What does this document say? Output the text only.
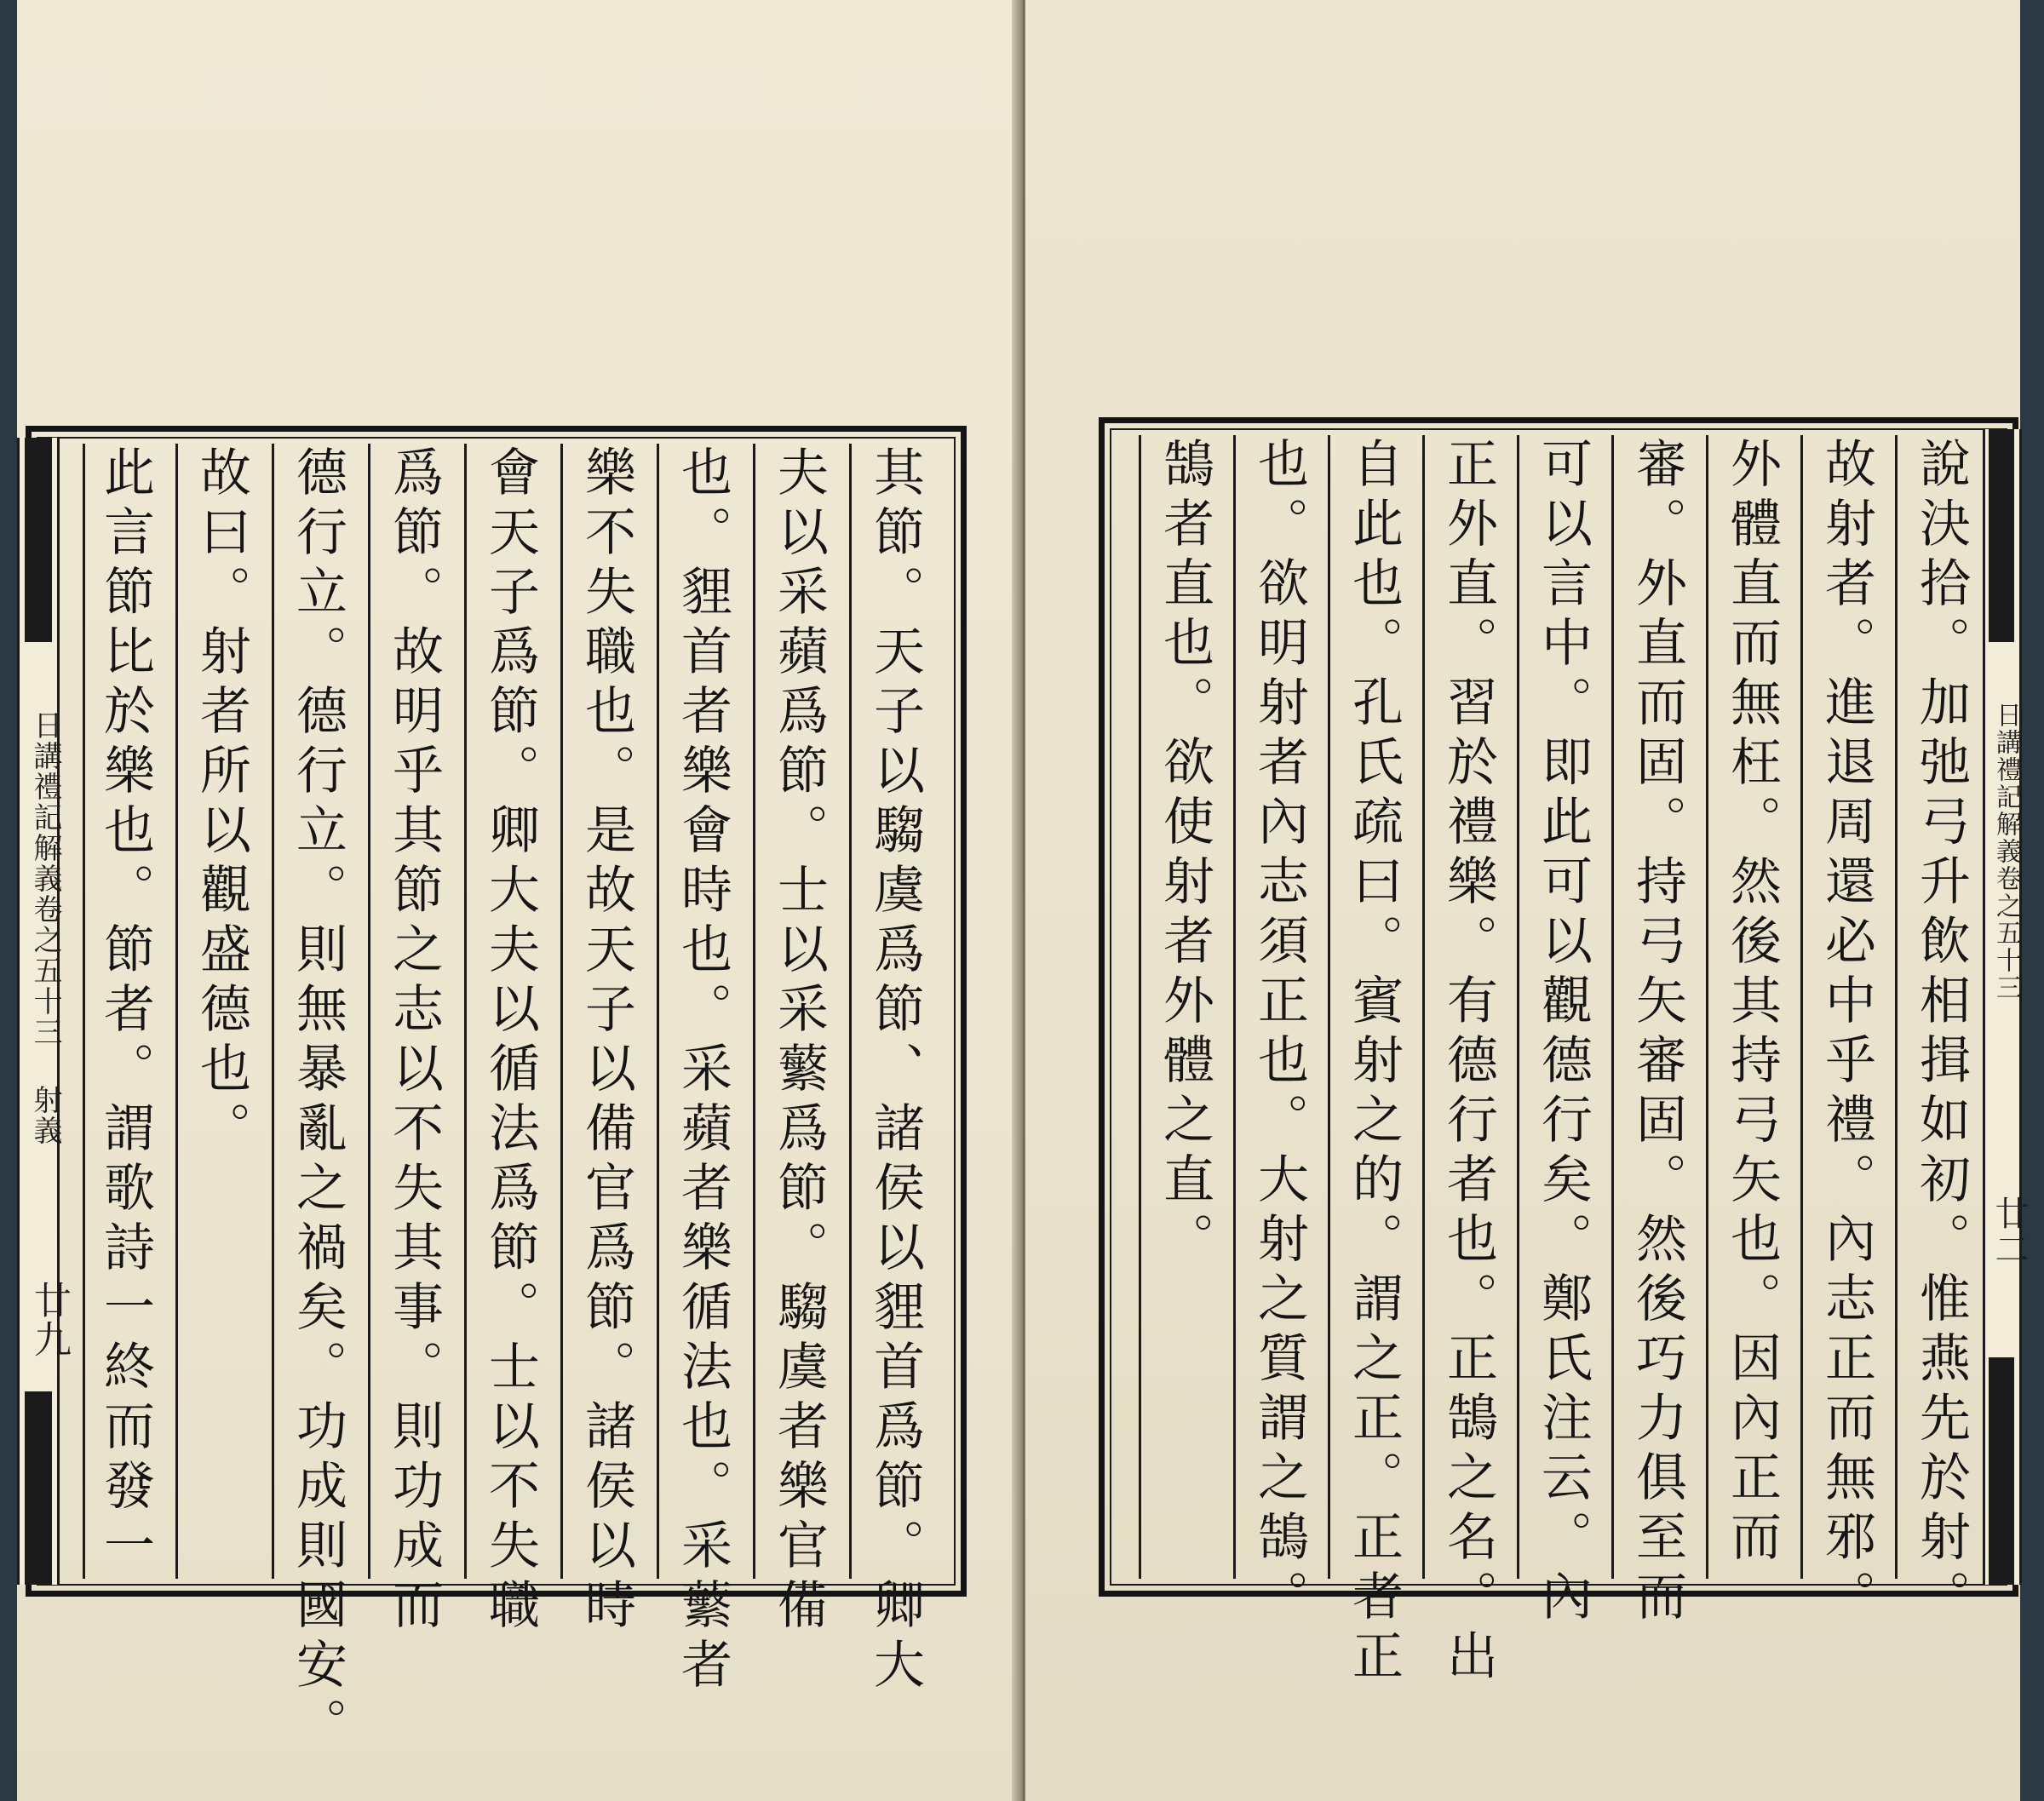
其節。天子以騶虞爲節、諸侯以貍首爲節。卿大
夫以采蘋爲節。士以采蘩爲節。騶虞者樂官備
也。貍首者樂會時也。采蘋者樂循法也。采蘩者
樂不失職也。是故天子以備官爲節。諸侯以時
會天子爲節。卿大夫以循法爲節。士以不失職
爲節。故明乎其節之志以不失其事。則功成而
德行立。德行立。則無暴亂之禍矣。功成則國安。
故曰。射者所以觀盛德也。
此言節比於樂也。節者。謂歌詩一終而發一
日講禮記解義卷之五十三
射義
廿九	說決拾。加弛弓升飲相揖如初。惟燕先於射。
故射者。進退周還必中乎禮。內志正而無邪。
外體直而無枉。然後其持弓矢也。因內正而
審。外直而固。持弓矢審固。然後巧力俱至而
可以言中。即此可以觀德行矣。鄭氏注云。內
正外直。習於禮樂。有德行者也。正鵠之名。出
自此也。孔氏疏曰。賓射之的。謂之正。正者正
也。欲明射者內志須正也。大射之質謂之鵠。
鵠者直也。欲使射者外體之直。	日講禮記解義卷之五十三
廿二
